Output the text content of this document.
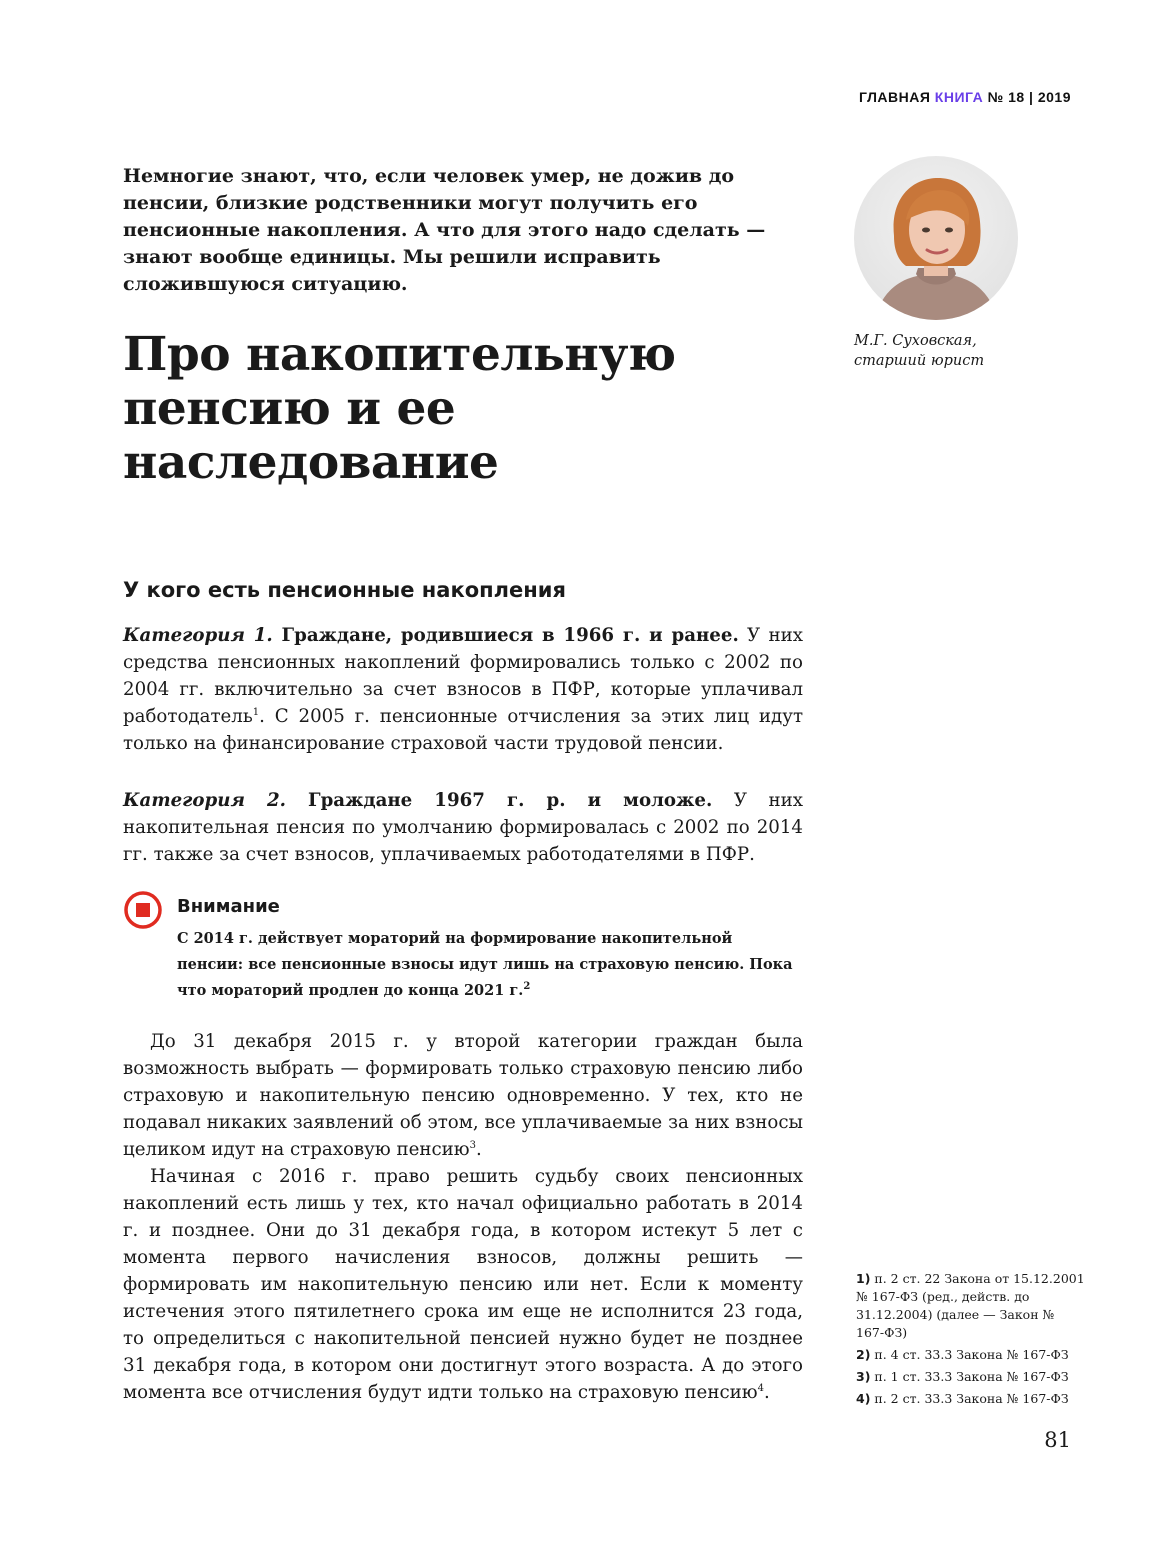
ГЛАВНАЯ КНИГА № 18 | 2019
Немногие знают, что, если человек умер, не дожив до пенсии, близкие родственники могут получить его пенсионные накопления. А что для этого надо сделать — знают вообще единицы. Мы решили исправить сложившуюся ситуацию.
Про накопительную пенсию и ее наследование
М.Г. Суховская,
старший юрист
У кого есть пенсионные накопления
Категория 1. Граждане, родившиеся в 1966 г. и ранее. У них средства пенсионных накоплений формировались только с 2002 по 2004 гг. включительно за счет взносов в ПФР, которые уплачивал работодатель$^1$. С 2005 г. пенсионные отчисления за этих лиц идут только на финансирование страховой части трудовой пенсии.
Категория 2. Граждане 1967 г. р. и моложе. У них накопительная пенсия по умолчанию формировалась с 2002 по 2014 гг. также за счет взносов, уплачиваемых работодателями в ПФР.
Внимание
С 2014 г. действует мораторий на формирование накопительной пенсии: все пенсионные взносы идут лишь на страховую пенсию. Пока что мораторий продлен до конца 2021 г.$^2$
До 31 декабря 2015 г. у второй категории граждан была возможность выбрать — формировать только страховую пенсию либо страховую и накопительную пенсию одновременно. У тех, кто не подавал никаких заявлений об этом, все уплачиваемые за них взносы целиком идут на страховую пенсию$^3$.
Начиная с 2016 г. право решить судьбу своих пенсионных накоплений есть лишь у тех, кто начал официально работать в 2014 г. и позднее. Они до 31 декабря года, в котором истекут 5 лет с момента первого начисления взносов, должны решить — формировать им накопительную пенсию или нет. Если к моменту истечения этого пятилетнего срока им еще не исполнится 23 года, то определиться с накопительной пенсией нужно будет не позднее 31 декабря года, в котором они достигнут этого возраста. А до этого момента все отчисления будут идти только на страховую пенсию$^4$.
1) п. 2 ст. 22 Закона от 15.12.2001 № 167-ФЗ (ред., действ. до 31.12.2004) (далее — Закон № 167-ФЗ)
2) п. 4 ст. 33.3 Закона № 167-ФЗ
3) п. 1 ст. 33.3 Закона № 167-ФЗ
4) п. 2 ст. 33.3 Закона № 167-ФЗ
81
